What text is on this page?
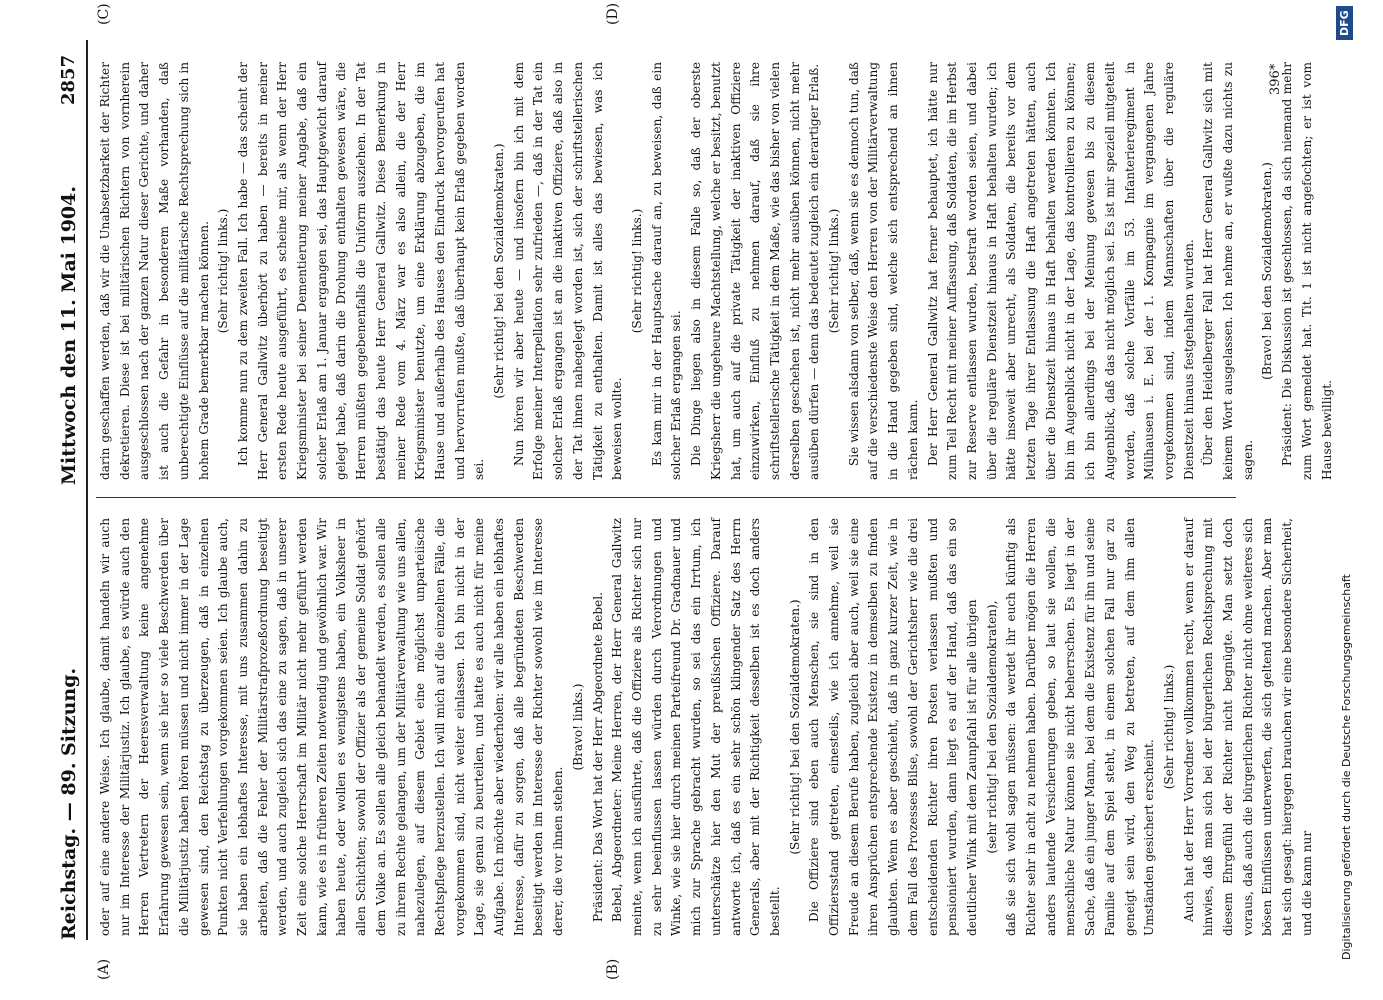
Reichstag. — 89. Sitzung.
Mittwoch den 11. Mai 1904.
2857
(A)	(B)
(C)	(D)

oder auf eine andere Weise. Ich glaube, damit handeln wir auch nur im Interesse der Militärjustiz. Ich glaube, es würde auch den Herren Vertretern der Heeresverwaltung keine angenehme Erfahrung gewesen sein, wenn sie hier so viele Beschwerden über die Militärjustiz haben hören müssen und nicht immer in der Lage gewesen sind, den Reichstag zu überzeugen, daß in einzelnen Punkten nicht Verfehlungen vorgekommen seien. Ich glaube auch, sie haben ein lebhaftes Interesse, mit uns zusammen dahin zu arbeiten, daß die Fehler der Militärstrafprozeßordnung beseitigt werden, und auch zugleich sich das eine zu sagen, daß in unserer Zeit eine solche Herrschaft im Militär nicht mehr geführt werden kann, wie es in früheren Zeiten notwendig und gewöhnlich war. Wir haben heute, oder wollen es wenigstens haben, ein Volksheer in allen Schichten; sowohl der Offizier als der gemeine Soldat gehört dem Volke an. Es sollen alle gleich behandelt werden, es sollen alle zu ihrem Rechte gelangen, um der Militärverwaltung wie uns allen, nahezulegen, auf diesem Gebiet eine möglichst unparteiische Rechtspflege herzustellen. Ich will mich auf die einzelnen Fälle, die vorgekommen sind, nicht weiter einlassen. Ich bin nicht in der Lage, sie genau zu beurteilen, und hatte es auch nicht für meine Aufgabe. Ich möchte aber wiederholen: wir alle haben ein lebhaftes Interesse, dafür zu sorgen, daß alle begründeten Beschwerden beseitigt werden im Interesse der Richter sowohl wie im Interesse derer, die vor ihnen stehen.

(Bravo! links.) Präsident: Das Wort hat der Herr Abgeordnete Bebel. Bebel, Abgeordneter: Meine Herren, der Herr General Gallwitz meinte, wenn ich ausführte, daß die Offiziere als Richter sich nur zu sehr beeinflussen lassen würden durch Verordnungen und Winke, wie sie hier durch meinen Parteifreund Dr. Gradnauer und mich zur Sprache gebracht wurden, so sei das ein Irrtum, ich unterschätze hier den Mut der preußischen Offiziere. Darauf antworte ich, daß es ein sehr schön klingender Satz des Herrn Generals, aber mit der Richtigkeit desselben ist es doch anders bestellt.

(Sehr richtig! bei den Sozialdemokraten.) Die Offiziere sind eben auch Menschen, sie sind in den Offiziersstand getreten, einesteils, wie ich annehme, weil sie Freude an diesem Berufe haben, zugleich aber auch, weil sie eine ihren Ansprüchen entsprechende Existenz in demselben zu finden glaubten. Wenn es aber geschieht, daß in ganz kurzer Zeit, wie in dem Fall des Prozesses Bilse, sowohl der Gerichtsherr wie die drei entscheidenden Richter ihren Posten verlassen mußten und pensioniert wurden, dann liegt es auf der Hand, daß das ein so deutlicher Wink mit dem Zaunpfahl ist für alle übrigen (sehr richtig! bei den Sozialdemokraten), daß sie sich wohl sagen müssen: da werdet ihr euch künftig als Richter sehr in acht zu nehmen haben. Darüber mögen die Herren anders lautende Versicherungen geben, so laut sie wollen, die menschliche Natur können sie nicht beherrschen. Es liegt in der Sache, daß ein junger Mann, bei dem die Existenz für ihn und seine Familie auf dem Spiel steht, in einem solchen Fall nur gar zu geneigt sein wird, den Weg zu betreten, auf dem ihm allen Umständen gesichert erscheint.

(Sehr richtig! links.) Auch hat der Herr Vorredner vollkommen recht, wenn er darauf hinwies, daß man sich bei der bürgerlichen Rechtsprechung mit diesem Ehrgefühl der Richter nicht begnügte. Man setzt doch voraus, daß auch die bürgerlichen Richter nicht ohne weiteres sich bösen Einflüssen unterwerfen, die sich geltend machen. Aber man hat sich gesagt: hiergegen brauchen wir eine besondere Sicherheit, und die kann nur

darin geschaffen werden, daß wir die Unabsetzbarkeit der Richter dekretieren. Diese ist bei militärischen Richtern von vornherein ausgeschlossen nach der ganzen Natur dieser Gerichte, und daher ist auch die Gefahr in besonderem Maße vorhanden, daß unberechtigte Einflüsse auf die militärische Rechtsprechung sich in hohem Grade bemerkbar machen können. (Sehr richtig! links.) Ich komme nun zu dem zweiten Fall. Ich habe — das scheint der Herr General Gallwitz überhört zu haben — bereits in meiner ersten Rede heute ausgeführt, es scheine mir, als wenn der Herr Kriegsminister bei seiner Dementierung meiner Angabe, daß ein solcher Erlaß am 1. Januar ergangen sei, das Hauptgewicht darauf gelegt habe, daß darin die Drohung enthalten gewesen wäre, die Herren müßten gegebenenfalls die Uniform ausziehen. In der Tat bestätigt das heute Herr General Gallwitz. Diese Bemerkung in meiner Rede vom 4. März war es also allein, die der Herr Kriegsminister benutzte, um eine Erklärung abzugeben, die im Hause und außerhalb des Hauses den Eindruck hervorgerufen hat und hervorrufen mußte, daß überhaupt kein Erlaß gegeben worden sei.

(Sehr richtig! bei den Sozialdemokraten.) Nun hören wir aber heute — und insofern bin ich mit dem Erfolge meiner Interpellation sehr zufrieden —, daß in der Tat ein solcher Erlaß ergangen ist an die inaktiven Offiziere, daß also in der Tat ihnen nahegelegt worden ist, sich der schriftstellerischen Tätigkeit zu enthalten. Damit ist alles das bewiesen, was ich beweisen wollte.

(Sehr richtig! links.) Es kam mir in der Hauptsache darauf an, zu beweisen, daß ein solcher Erlaß ergangen sei. Die Dinge liegen also in diesem Falle so, daß der oberste Kriegsherr die ungeheure Machtstellung, welche er besitzt, benutzt hat, um auch auf die private Tätigkeit der inaktiven Offiziere einzuwirken, Einfluß zu nehmen darauf, daß sie ihre schriftstellerische Tätigkeit in dem Maße, wie das bisher von vielen derselben geschehen ist, nicht mehr ausüben können, nicht mehr ausüben dürfen — denn das bedeutet zugleich ein derartiger Erlaß. (Sehr richtig! links.) Sie wissen alsdann von selber, daß, wenn sie es dennoch tun, daß auf die verschiedenste Weise den Herren von der Militärverwaltung in die Hand gegeben sind, welche sich entsprechend an ihnen rächen kann. Der Herr General Gallwitz hat ferner behauptet, ich hätte nur zum Teil Recht mit meiner Auffassung, daß Soldaten, die im Herbst zur Reserve entlassen wurden, bestraft worden seien, und dabei über die reguläre Dienstzeit hinaus in Haft behalten wurden; ich hätte insoweit aber unrecht, als Soldaten, die bereits vor dem letzten Tage ihrer Entlassung die Haft angetreten hätten, auch über die Dienstzeit hinaus in Haft behalten werden könnten. Ich bin im Augenblick nicht in der Lage, das kontrollieren zu können; ich bin allerdings bei der Meinung gewesen bis zu diesem Augenblick, daß das nicht möglich sei. Es ist mir speziell mitgeteilt worden, daß solche Vorfälle im 53. Infanterieregiment in Mülhausen i. E. bei der 1. Kompagnie im vergangenen Jahre vorgekommen sind, indem Mannschaften über die reguläre Dienstzeit hinaus festgehalten wurden. Über den Heidelberger Fall hat Herr General Gallwitz sich mit keinem Wort ausgelassen. Ich nehme an, er wußte dazu nichts zu sagen.

(Bravo! bei den Sozialdemokraten.) Präsident: Die Diskussion ist geschlossen, da sich niemand mehr zum Wort gemeldet hat. Tit. 1 ist nicht angefochten; er ist vom Hause bewilligt.

396*
Digitalisierung gefördert durch die Deutsche Forschungsgemeinschaft
DFG
